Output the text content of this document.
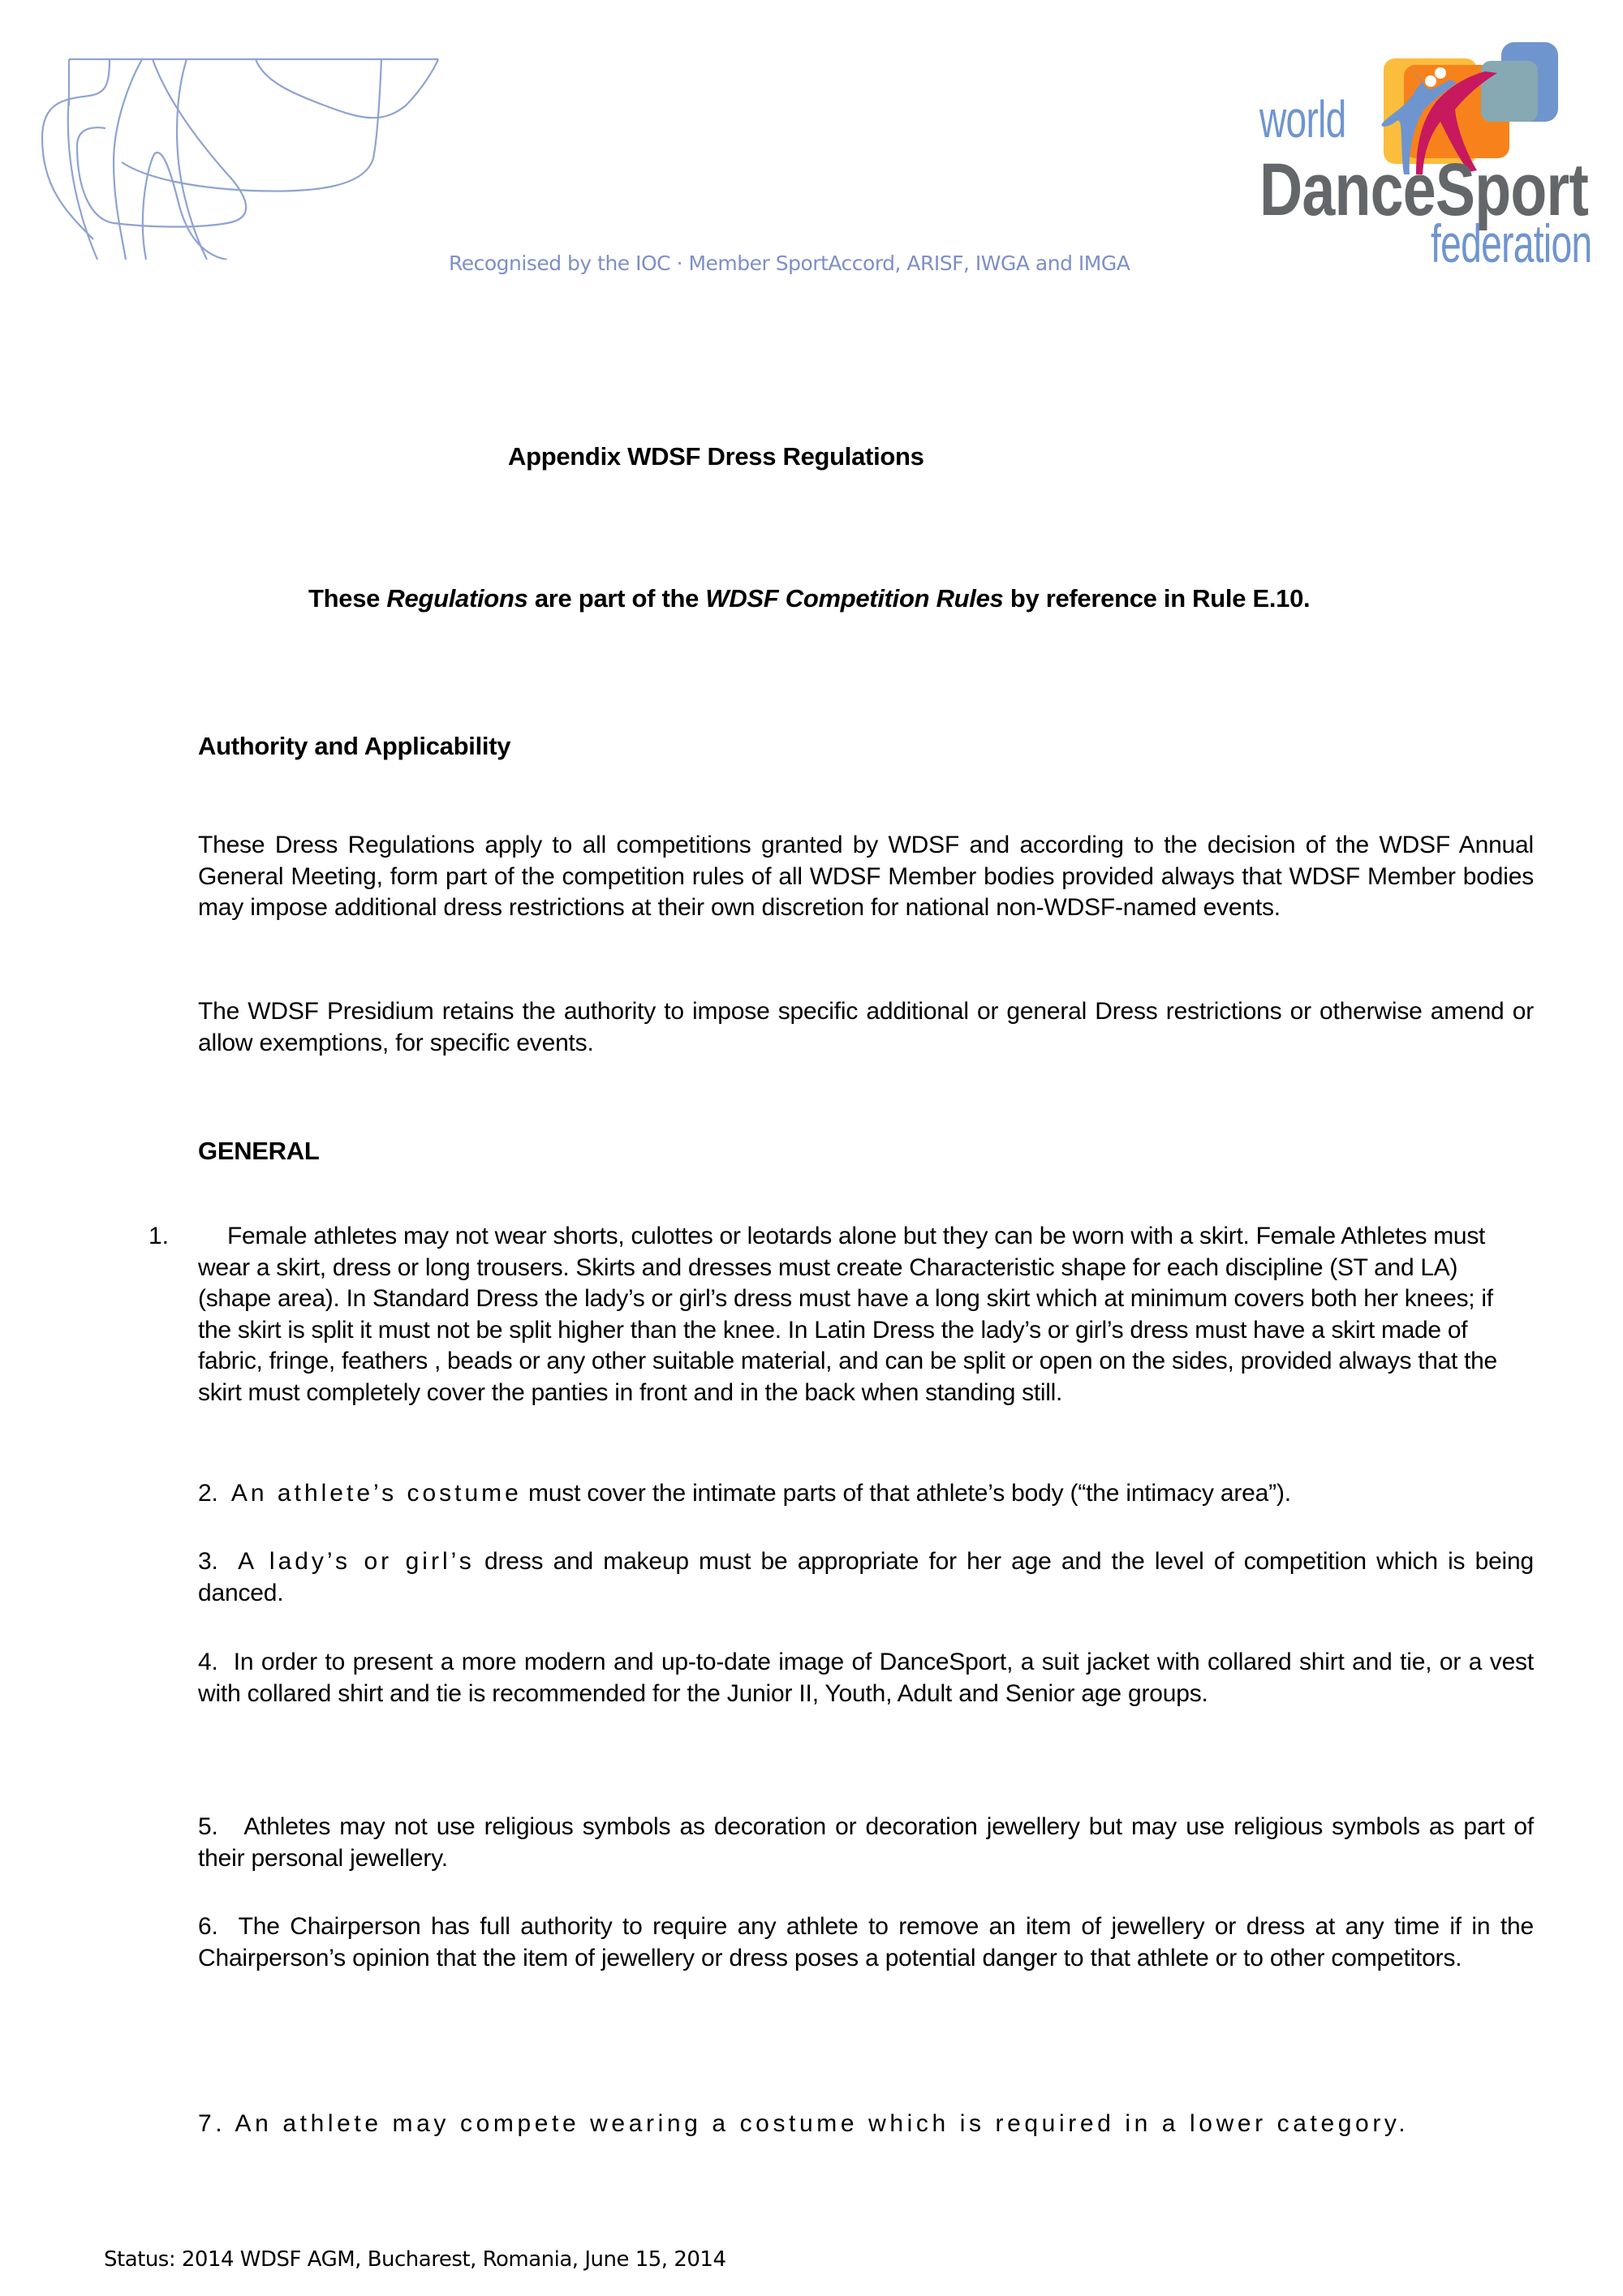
Recognised by the IOC · Member SportAccord, ARISF, IWGA and IMGA
world
DanceSport
federation
Appendix WDSF Dress Regulations
These Regulations are part of the WDSF Competition Rules by reference in Rule E.10.
Authority and Applicability
These Dress Regulations apply to all competitions granted by WDSF and according to the decision of the WDSF Annual General Meeting, form part of the competition rules of all WDSF Member bodies provided always that WDSF Member bodies may impose additional dress restrictions at their own discretion for national non-WDSF-named events.
The WDSF Presidium retains the authority to impose specific additional or general Dress restrictions or otherwise amend or allow exemptions, for specific events.
GENERAL
1.	Female athletes may not wear shorts, culottes or leotards alone but they can be worn with a skirt. Female Athletes must wear a skirt, dress or long trousers. Skirts and dresses must create Characteristic shape for each discipline (ST and LA) (shape area). In Standard Dress the lady’s or girl’s dress must have a long skirt which at minimum covers both her knees; if the skirt is split it must not be split higher than the knee. In Latin Dress the lady’s or girl’s dress must have a skirt made of fabric, fringe, feathers , beads or any other suitable material, and can be split or open on the sides, provided always that the skirt must completely cover the panties in front and in the back when standing still.
2. An athlete’s costume must cover the intimate parts of that athlete’s body (“the intimacy area”).
3. A lady’s or girl’s dress and makeup must be appropriate for her age and the level of competition which is being danced.
4. In order to present a more modern and up-to-date image of DanceSport, a suit jacket with collared shirt and tie, or a vest with collared shirt and tie is recommended for the Junior II, Youth, Adult and Senior age groups.
5.   Athletes may not use religious symbols as decoration or decoration jewellery but may use religious symbols as part of their personal jewellery.
6. The Chairperson has full authority to require any athlete to remove an item of jewellery or dress at any time if in the Chairperson’s opinion that the item of jewellery or dress poses a potential danger to that athlete or to other competitors.
7. An athlete may compete wearing a costume which is required in a lower category.
Status: 2014 WDSF AGM, Bucharest, Romania, June 15, 2014
